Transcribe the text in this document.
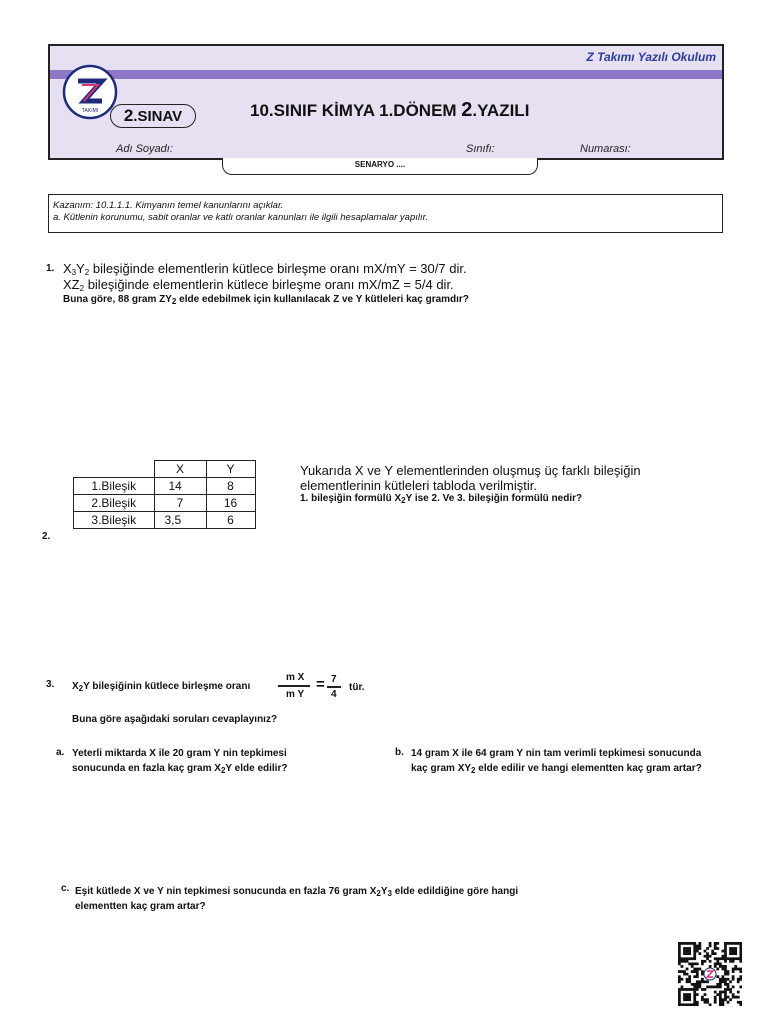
Z Takımı Yazılı Okulum
TAKIMI	2.SINAV	10.SINIF KİMYA 1.DÖNEM 2.YAZILI
Adı Soyadı:	Sınıfı:	Numarası:
SENARYO ....
Kazanım: 10.1.1.1. Kimyanın temel kanunlarını açıklar.
a. Kütlenin korunumu, sabit oranlar ve katlı oranlar kanunları ile ilgili hesaplamalar yapılır.
1. $X_3Y_2$ bileşiğinde elementlerin kütlece birleşme oranı mX/mY = 30/7 dir.
$XZ_2$ bileşiğinde elementlerin kütlece birleşme oranı mX/mZ = 5/4 dir.
Buna göre, 88 gram $ZY_2$ elde edebilmek için kullanılacak Z ve Y kütleleri kaç gramdır?
	X	Y
1.Bileşik	14	8
2.Bileşik	7	16
3.Bileşik	3,5	6
2.
Yukarıda X ve Y elementlerinden oluşmuş üç farklı bileşiğin
elementlerinin kütleleri tabloda verilmiştir.
1. bileşiğin formülü $X_2Y$ ise 2. Ve 3. bileşiğin formülü nedir?
3. $X_2Y$ bileşiğinin kütlece birleşme oranı
m X
m Y
= 7
4
tür.
Buna göre aşağıdaki soruları cevaplayınız?
a. Yeterli miktarda X ile 20 gram Y nin tepkimesi
sonucunda en fazla kaç gram $X_2Y$ elde edilir?
b. 14 gram X ile 64 gram Y nin tam verimli tepkimesi sonucunda
kaç gram $XY_2$ elde edilir ve hangi elementten kaç gram artar?
c. Eşit kütlede X ve Y nin tepkimesi sonucunda en fazla 76 gram $X_2Y_3$ elde edildiğine göre hangi
elementten kaç gram artar?
